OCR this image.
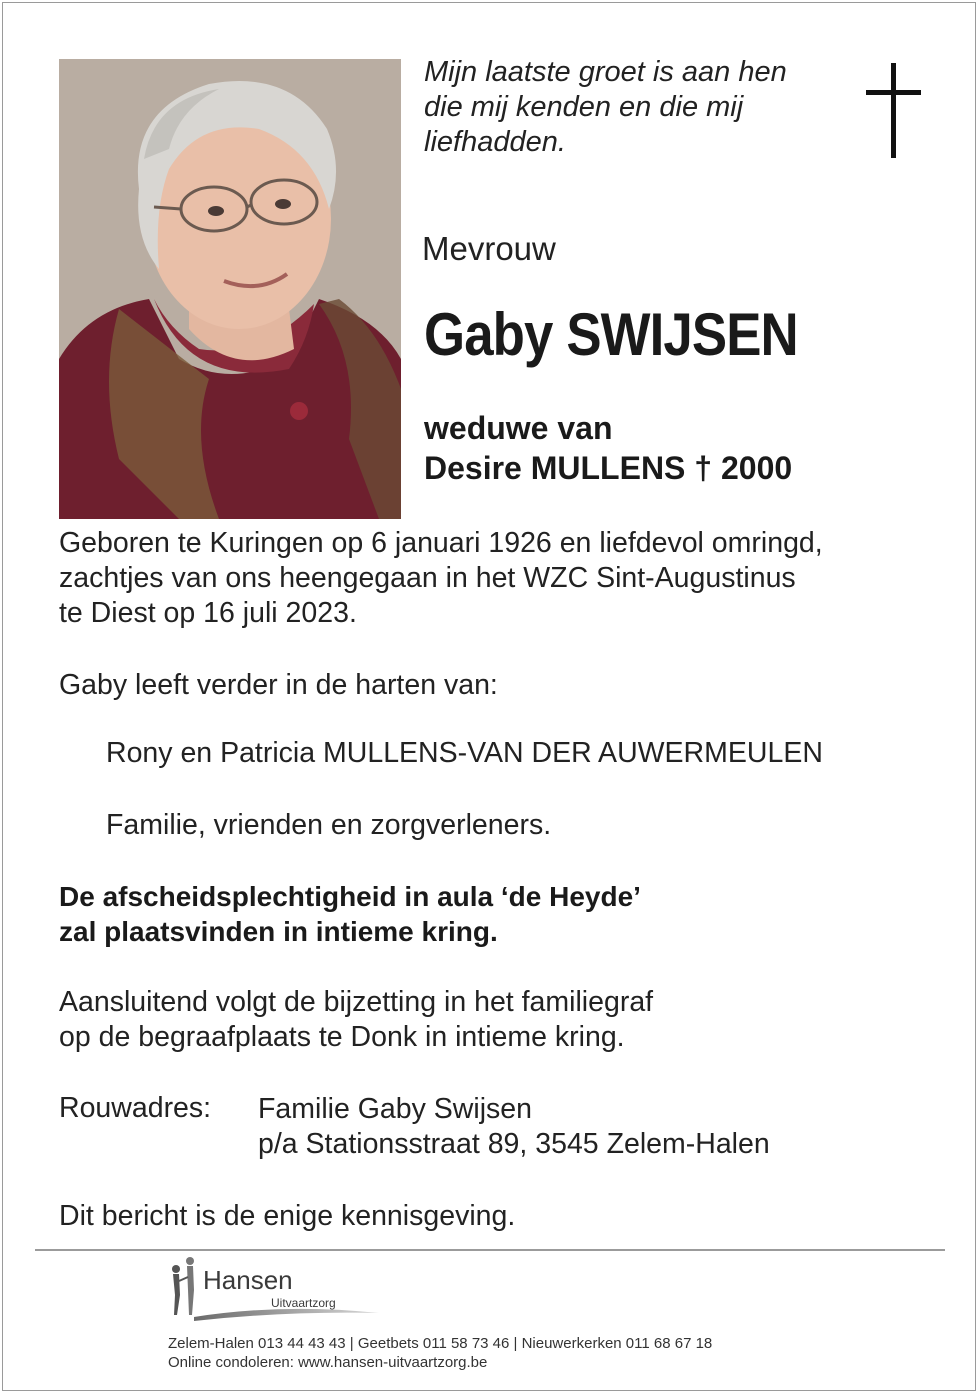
Mijn laatste groet is aan hen
die mij kenden en die mij
liefhadden.

Mevrouw
Gaby SWIJSEN
weduwe van
Desire MULLENS † 2000
Geboren te Kuringen op 6 januari 1926 en liefdevol omringd,
zachtjes van ons heengegaan in het WZC Sint-Augustinus
te Diest op 16 juli 2023.
Gaby leeft verder in de harten van:
Rony en Patricia MULLENS-VAN DER AUWERMEULEN
Familie, vrienden en zorgverleners.
De afscheidsplechtigheid in aula ‘de Heyde’
zal plaatsvinden in intieme kring.
Aansluitend volgt de bijzetting in het familiegraf
op de begraafplaats te Donk in intieme kring.
Rouwadres: Familie Gaby Swijsen
p/a Stationsstraat 89, 3545 Zelem-Halen
Dit bericht is de enige kennisgeving.
Hansen
Uitvaartzorg
Zelem-Halen 013 44 43 43 | Geetbets 011 58 73 46 | Nieuwerkerken 011 68 67 18
Online condoleren: www.hansen-uitvaartzorg.be
